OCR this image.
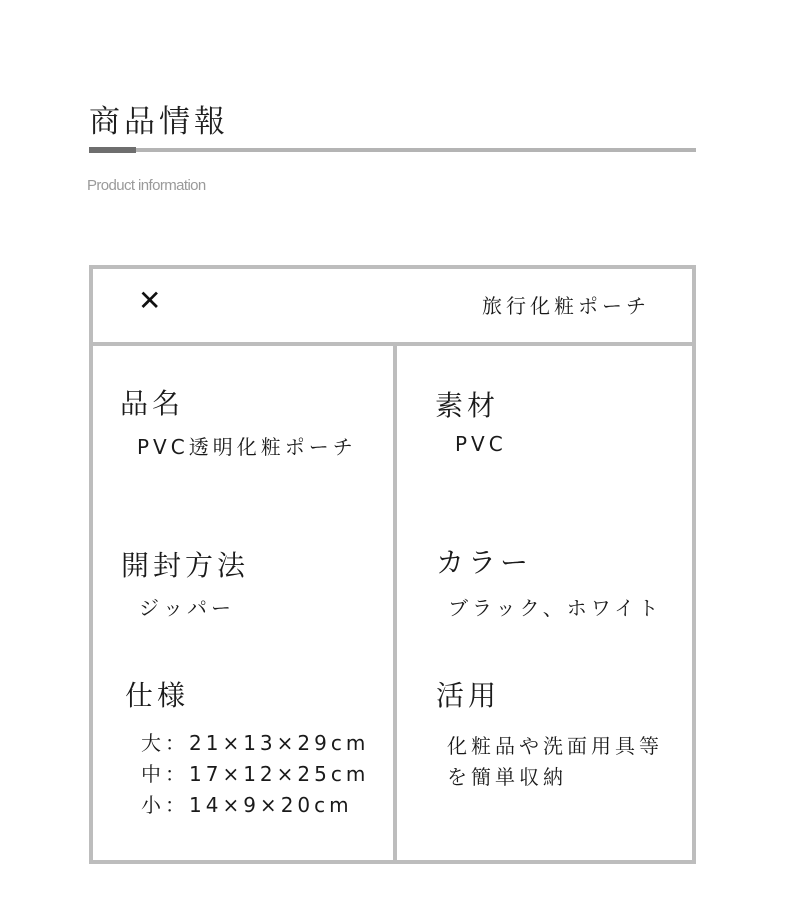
商品情報
Product information
✕	旅行化粧ポーチ
品名
PVC透明化粧ポーチ
開封方法
ジッパー
仕様
大：21×13×29cm
中：17×12×25cm
小：14×9×20cm
素材
PVC
カラー
ブラック、ホワイト
活用
化粧品や洗面用具等
を簡単収納
